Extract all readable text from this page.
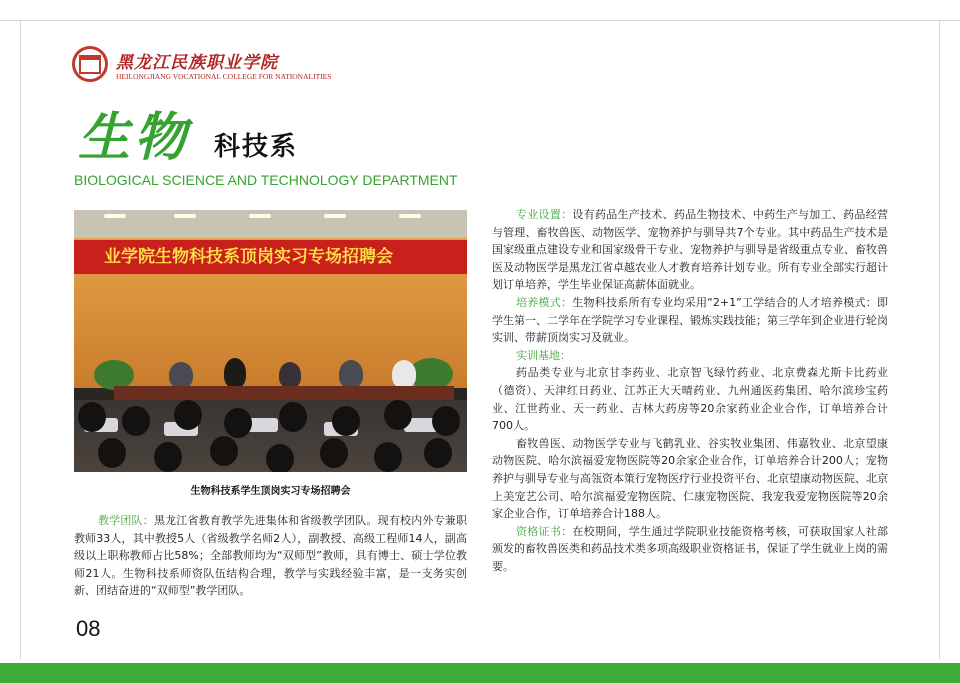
黑龙江民族职业学院
HEILONGJIANG VOCATIONAL COLLEGE FOR NATIONALITIES
生物 科技系
BIOLOGICAL SCIENCE AND TECHNOLOGY DEPARTMENT
业学院生物科技系顶岗实习专场招聘会
生物科技系学生顶岗实习专场招聘会
教学团队：黑龙江省教育教学先进集体和省级教学团队。现有校内外专兼职教师33人，其中教授5人（省级教学名师2人），副教授、高级工程师14人，副高级以上职称教师占比58%；全部教师均为“双师型”教师，具有博士、硕士学位教师21人。生物科技系师资队伍结构合理，教学与实践经验丰富，是一支务实创新、团结奋进的“双师型”教学团队。

专业设置：设有药品生产技术、药品生物技术、中药生产与加工、药品经营与管理、畜牧兽医、动物医学、宠物养护与驯导共7个专业。其中药品生产技术是国家级重点建设专业和国家级骨干专业、宠物养护与驯导是省级重点专业、畜牧兽医及动物医学是黑龙江省卓越农业人才教育培养计划专业。所有专业全部实行超计划订单培养，学生毕业保证高薪体面就业。

培养模式：生物科技系所有专业均采用“2+1”工学结合的人才培养模式：即学生第一、二学年在学院学习专业课程、锻炼实践技能；第三学年到企业进行轮岗实训、带薪顶岗实习及就业。

实训基地：

药品类专业与北京甘李药业、北京智飞绿竹药业、北京费森尤斯卡比药业（德资）、天津红日药业、江苏正大天晴药业、九州通医药集团、哈尔滨珍宝药业、江世药业、天一药业、吉林大药房等20余家药业企业合作，订单培养合计700人。

畜牧兽医、动物医学专业与飞鹤乳业、谷实牧业集团、伟嘉牧业、北京望康动物医院、哈尔滨福爱宠物医院等20余家企业合作，订单培养合计200人；宠物养护与驯导专业与高瓴资本策行宠物医疗行业投资平台、北京望康动物医院、北京上美宠艺公司、哈尔滨福爱宠物医院、仁康宠物医院、我宠我爱宠物医院等20余家企业合作，订单培养合计188人。

资格证书：在校期间，学生通过学院职业技能资格考核，可获取国家人社部颁发的畜牧兽医类和药品技术类多项高级职业资格证书，保证了学生就业上岗的需要。

08
